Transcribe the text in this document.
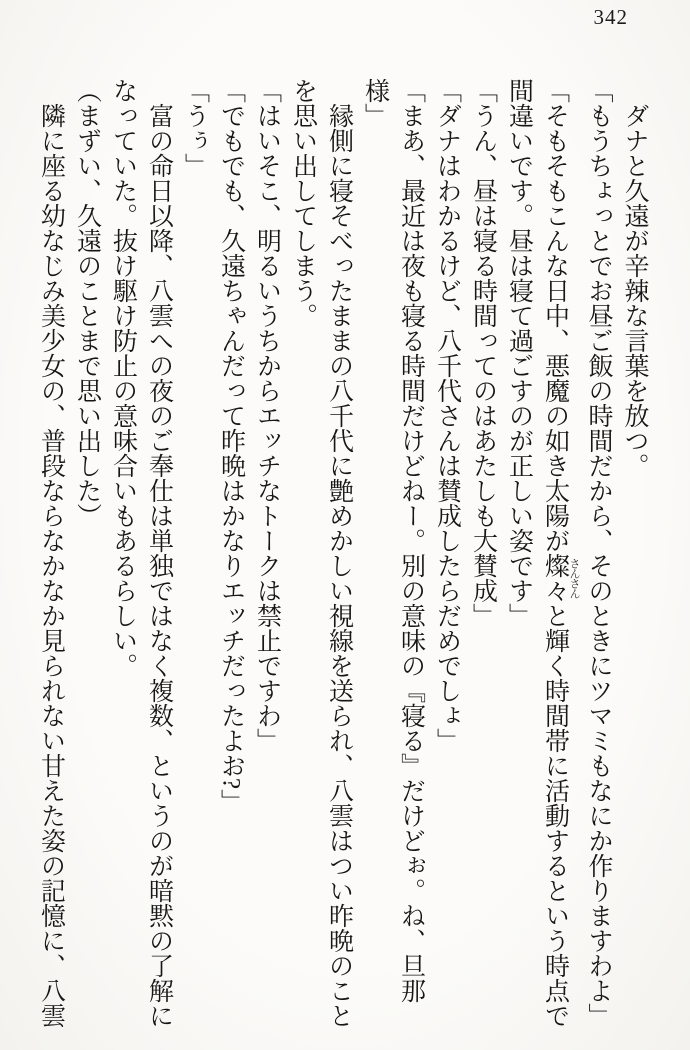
342

ダナと久遠が辛辣な言葉を放つ。

「もうちょっとでお昼ご飯の時間だから、そのときにツマミもなにか作りますわよ」

「そもそもこんな日中、悪魔の如き太陽が燦々 さんさんと輝く時間帯に活動するという時点で間違いです。昼は寝て過ごすのが正しい姿です」

「うん、昼は寝る時間ってのはあたしも大賛成」

「ダナはわかるけど、八千代さんは賛成したらだめでしょ」

「まあ、最近は夜も寝る時間だけどねー。別の意味の『寝る』だけどぉ。ね、旦那様」

縁側に寝そべったままの八千代に艶めかしい視線を送られ、八雲はつい昨晩のことを思い出してしまう。

「はいそこ、明るいうちからエッチなトークは禁止ですわ」

「でもでも、久遠ちゃんだって昨晩はかなりエッチだったよお?」

「うぅ」

富の命日以降、八雲への夜のご奉仕は単独ではなく複数、というのが暗黙の了解になっていた。抜け駆け防止の意味合いもあるらしい。

（まずい、久遠のことまで思い出した）

隣に座る幼なじみ美少女の、普段ならなかなか見られない甘えた姿の記憶に、八雲
